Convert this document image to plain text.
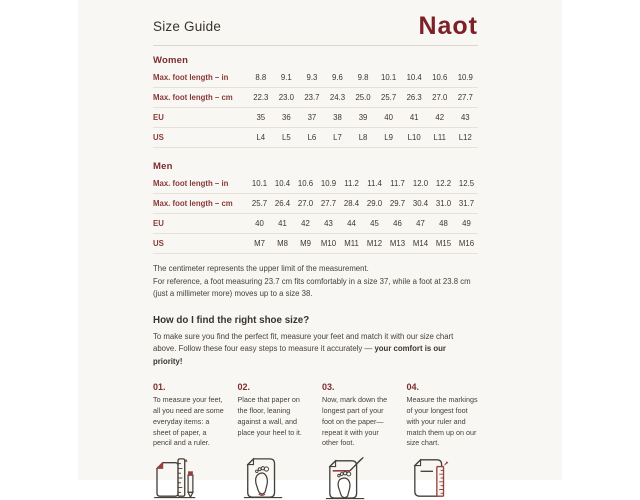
Size Guide	Naot
Women
Max. foot length – in	8.8	9.1	9.3	9.6	9.8	10.1	10.4	10.6	10.9
Max. foot length – cm	22.3	23.0	23.7	24.3	25.0	25.7	26.3	27.0	27.7
EU	35	36	37	38	39	40	41	42	43
US	L4	L5	L6	L7	L8	L9	L10	L11	L12
Men
Max. foot length – in	10.1	10.4	10.6	10.9	11.2	11.4	11.7	12.0	12.2	12.5
Max. foot length – cm	25.7	26.4	27.0	27.7	28.4	29.0	29.7	30.4	31.0	31.7
EU	40	41	42	43	44	45	46	47	48	49
US	M7	M8	M9	M10	M11	M12	M13	M14	M15	M16
The centimeter represents the upper limit of the measurement.
For reference, a foot measuring 23.7 cm fits comfortably in a size 37, while a foot at 23.8 cm
(just a millimeter more) moves up to a size 38.
How do I find the right shoe size?
To make sure you find the perfect fit, measure your feet and match it with our size chart above. Follow these four easy steps to measure it accurately — your comfort is our priority!
01.
To measure your feet, all you need are some everyday items: a sheet of paper, a pencil and a ruler.
02.
Place that paper on the floor, leaning against a wall, and place your heel to it.
03.
Now, mark down the longest part of your foot on the paper—repeat it with your other foot.
04.
Measure the markings of your longest foot with your ruler and match them up on our size chart.
